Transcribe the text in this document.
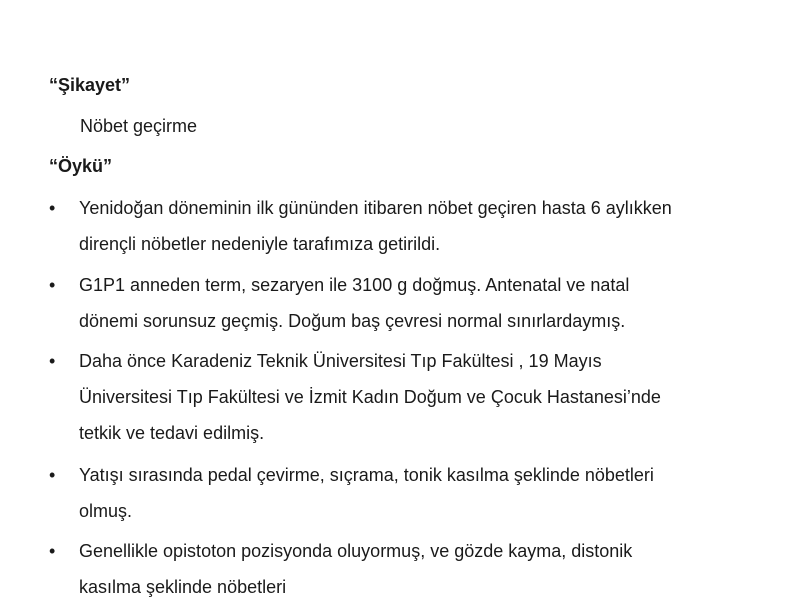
“Şikayet”
Nöbet geçirme
“Öykü”
• Yenidoğan döneminin ilk gününden itibaren nöbet geçiren hasta 6 aylıkken
dirençli nöbetler nedeniyle tarafımıza getirildi.
• G1P1 anneden term, sezaryen ile 3100 g doğmuş. Antenatal ve natal
dönemi sorunsuz geçmiş. Doğum baş çevresi normal sınırlardaymış.
• Daha önce Karadeniz Teknik Üniversitesi Tıp Fakültesi , 19 Mayıs
Üniversitesi Tıp Fakültesi ve İzmit Kadın Doğum ve Çocuk Hastanesi’nde
tetkik ve tedavi edilmiş.
• Yatışı sırasında pedal çevirme, sıçrama, tonik kasılma şeklinde nöbetleri
olmuş.
• Genellikle opistoton pozisyonda oluyormuş, ve gözde kayma, distonik
kasılma şeklinde nöbetleri
